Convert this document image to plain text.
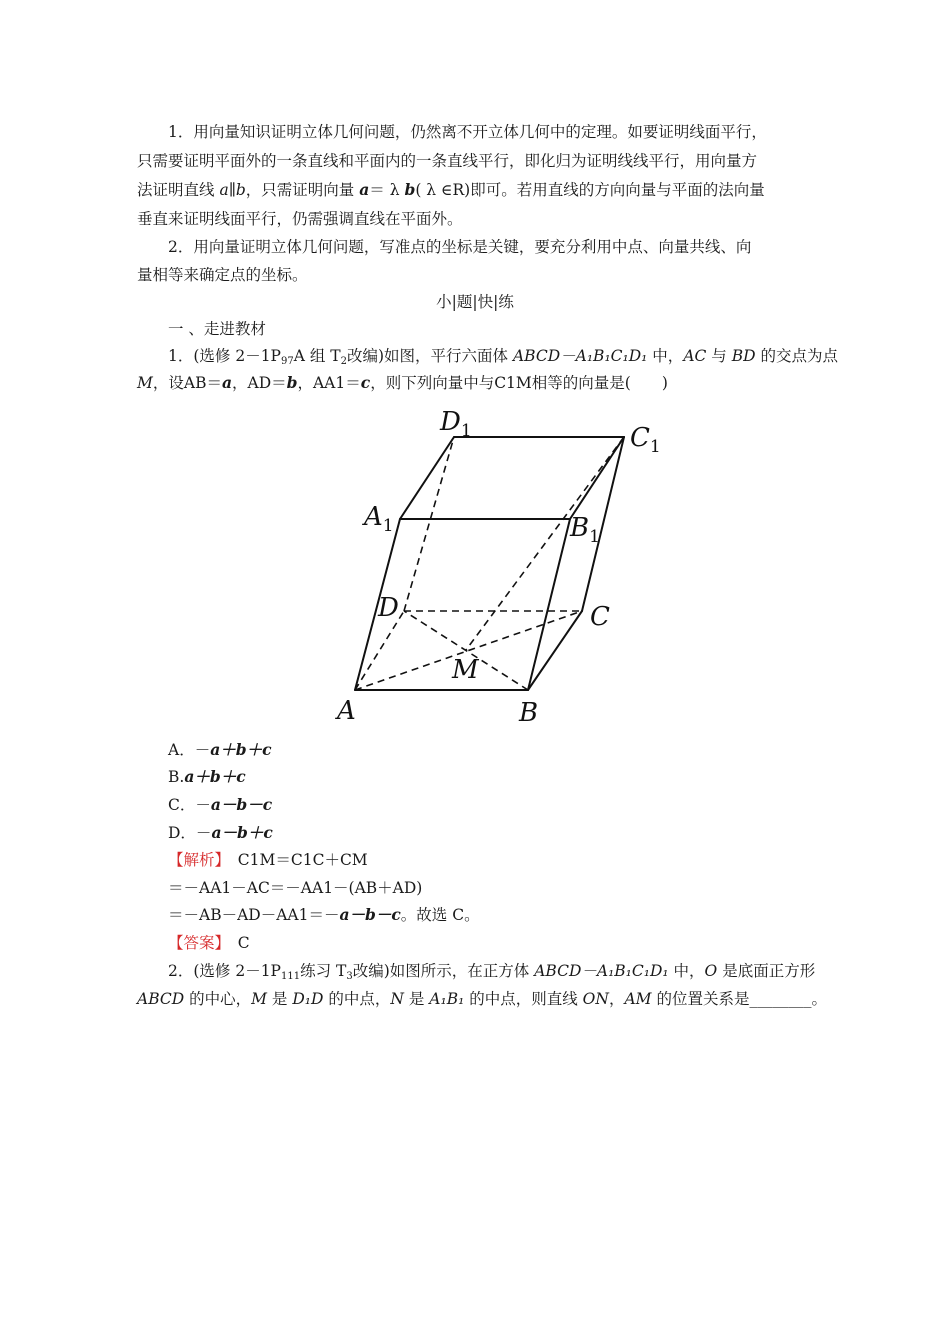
1．用向量知识证明立体几何问题，仍然离不开立体几何中的定理。如要证明线面平行，
只需要证明平面外的一条直线和平面内的一条直线平行，即化归为证明线线平行，用向量方
法证明直线 a∥b，只需证明向量 a＝ λ b( λ ∈R)即可。若用直线的方向向量与平面的法向量
垂直来证明线面平行，仍需强调直线在平面外。
2．用向量证明立体几何问题，写准点的坐标是关键，要充分利用中点、向量共线、向
量相等来确定点的坐标。
小|题|快|练
一 、走进教材
1．(选修 $2-1P_{97}A$ 组 $T_2$改编)如图，平行六面体 ABCD－A₁B₁C₁D₁ 中，AC 与 BD 的交点为点
M，设AB＝a，AD＝b，AA1＝c，则下列向量中与C1M相等的向量是(　　)
$D_1$	$C_1$
$A_1$	$B_1$
D	C
M
A	B
A．－a＋b＋c
B.a＋b＋c
C．－a－b－c
D．－a－b＋c
【解析】　C1M＝C1C＋CM
＝－AA1－AC＝－AA1－(AB＋AD)
＝－AB－AD－AA1＝－a－b－c。故选 C。
【答案】　C
2．(选修 $2-1P_{111}$练习 $T_3$改编)如图所示，在正方体 ABCD－A₁B₁C₁D₁ 中，O 是底面正方形
ABCD 的中心，M 是 D₁D 的中点，N 是 A₁B₁ 的中点，则直线 ON，AM 的位置关系是________。
